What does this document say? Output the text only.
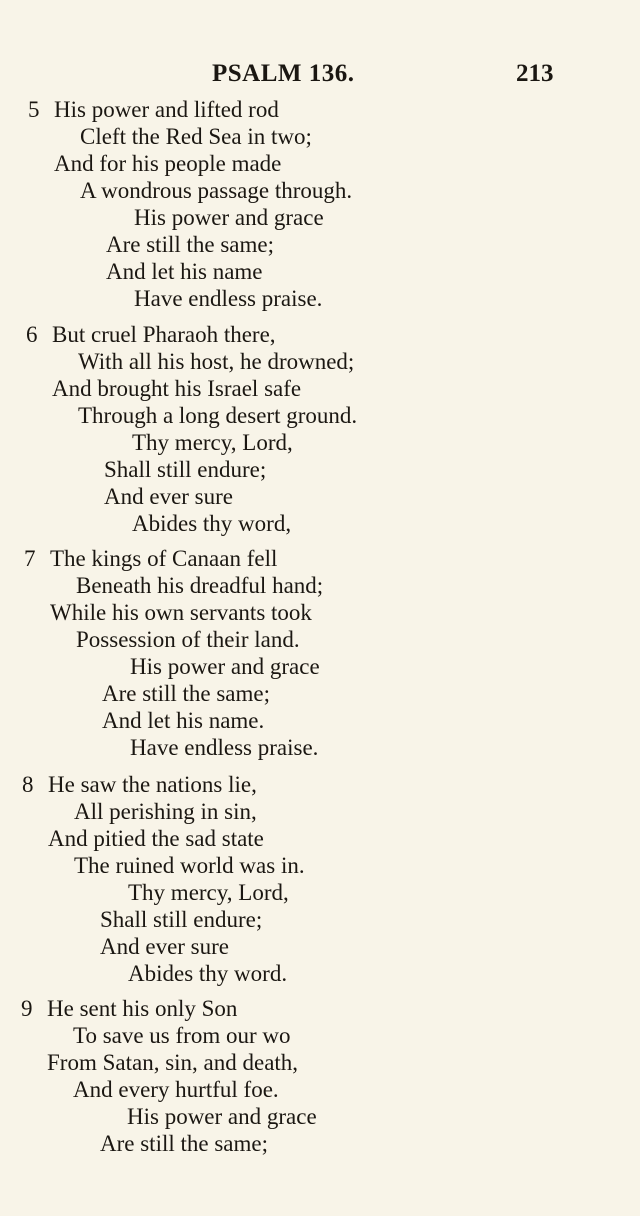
PSALM 136.	213
5 His power and lifted rod
Cleft the Red Sea in two;
And for his people made
A wondrous passage through.
His power and grace
Are still the same;
And let his name
Have endless praise.
6 But cruel Pharaoh there,
With all his host, he drowned;
And brought his Israel safe
Through a long desert ground.
Thy mercy, Lord,
Shall still endure;
And ever sure
Abides thy word,
7 The kings of Canaan fell
Beneath his dreadful hand;
While his own servants took
Possession of their land.
His power and grace
Are still the same;
And let his name.
Have endless praise.
8 He saw the nations lie,
All perishing in sin,
And pitied the sad state
The ruined world was in.
Thy mercy, Lord,
Shall still endure;
And ever sure
Abides thy word.
9 He sent his only Son
To save us from our wo
From Satan, sin, and death,
And every hurtful foe.
His power and grace
Are still the same;
